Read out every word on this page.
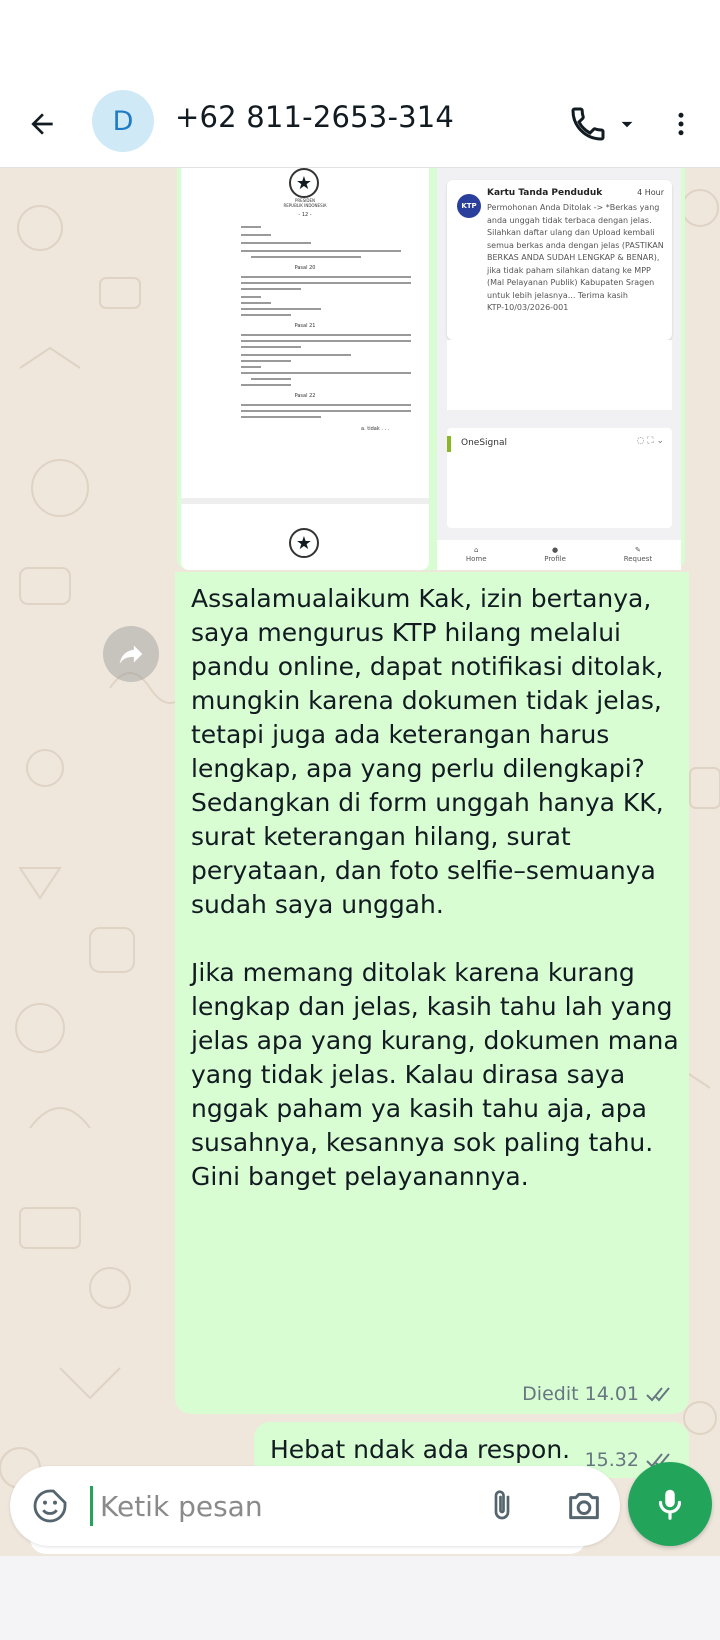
D +62 811-2653-314
★
PRESIDEN
REPUBLIK INDONESIA
- 12 -
Pasal 20
Pasal 21
Pasal 22
a. tidak . . .
★
KTP
Kartu Tanda Penduduk	4 Hour
Permohonan Anda Ditolak -> *Berkas yang anda unggah tidak terbaca dengan jelas. Silahkan daftar ulang dan Upload kembali semua berkas anda dengan jelas (PASTIKAN BERKAS ANDA SUDAH LENGKAP & BENAR), jika tidak paham silahkan datang ke MPP (Mal Pelayanan Publik) Kabupaten Sragen untuk lebih jelasnya... Terima kasih
KTP-10/03/2026-001
OneSignal	◌ ⛶ ⌄
⌂
Home
●
Profile
✎
Request
Assalamualaikum Kak, izin bertanya, saya mengurus KTP hilang melalui pandu online, dapat notifikasi ditolak, mungkin karena dokumen tidak jelas, tetapi juga ada keterangan harus lengkap, apa yang perlu dilengkapi? Sedangkan di form unggah hanya KK, surat keterangan hilang, surat peryataan, dan foto selfie–semuanya sudah saya unggah.

Jika memang ditolak karena kurang lengkap dan jelas, kasih tahu lah yang jelas apa yang kurang, dokumen mana yang tidak jelas. Kalau dirasa saya nggak paham ya kasih tahu aja, apa susahnya, kesannya sok paling tahu. Gini banget pelayanannya.
Diedit 14.01
Hebat ndak ada respon. 15.32
Ketik pesan
